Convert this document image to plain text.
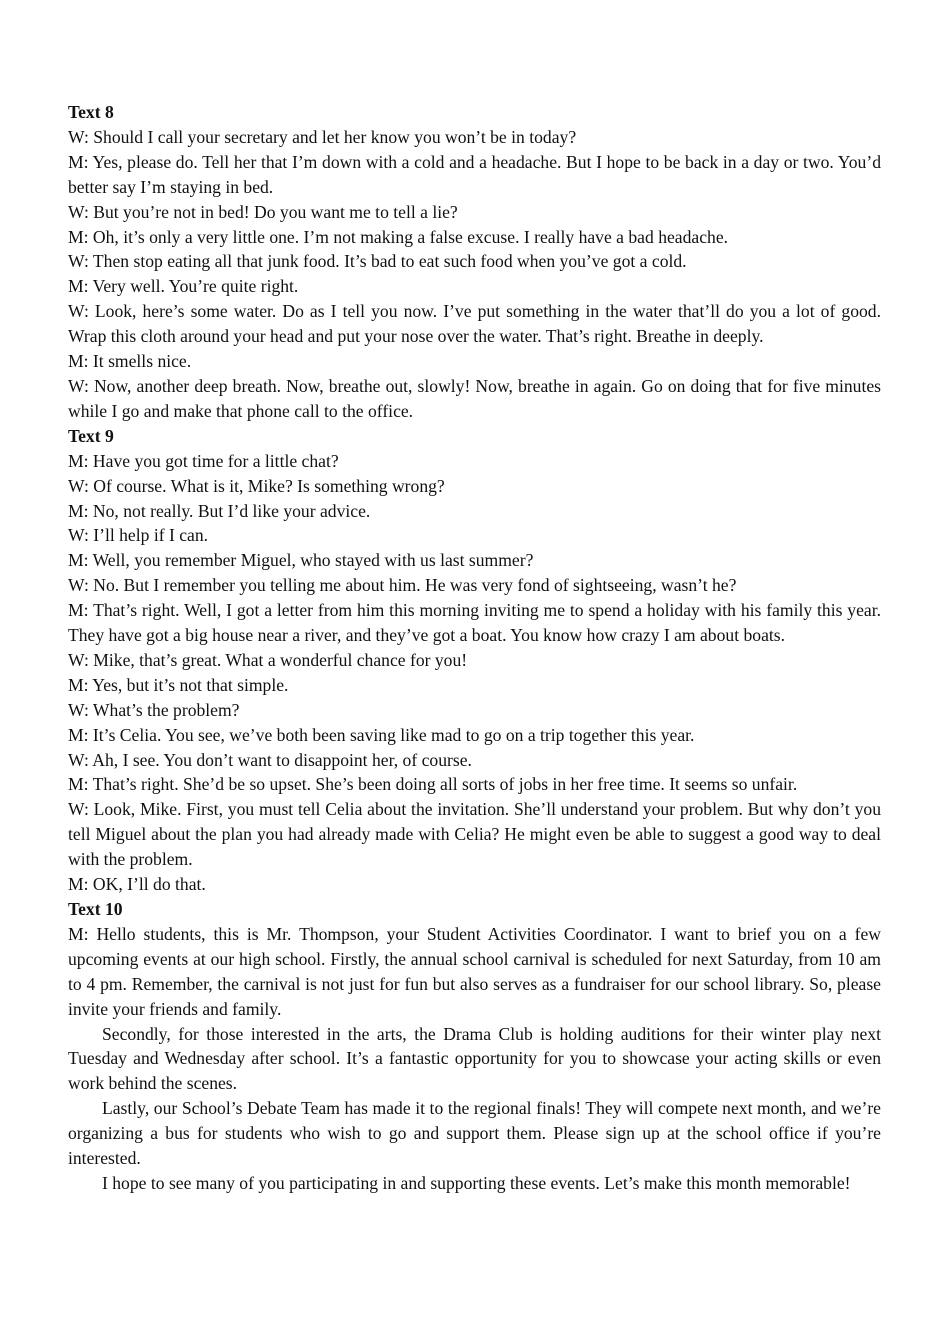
Text 8

W: Should I call your secretary and let her know you won’t be in today?

M: Yes, please do. Tell her that I’m down with a cold and a headache. But I hope to be back in a day or two. You’d better say I’m staying in bed.

W: But you’re not in bed! Do you want me to tell a lie?

M: Oh, it’s only a very little one. I’m not making a false excuse. I really have a bad headache.

W: Then stop eating all that junk food. It’s bad to eat such food when you’ve got a cold.

M: Very well. You’re quite right.

W: Look, here’s some water. Do as I tell you now. I’ve put something in the water that’ll do you a lot of good. Wrap this cloth around your head and put your nose over the water. That’s right. Breathe in deeply.

M: It smells nice.

W: Now, another deep breath. Now, breathe out, slowly! Now, breathe in again. Go on doing that for five minutes while I go and make that phone call to the office.

Text 9

M: Have you got time for a little chat?

W: Of course. What is it, Mike? Is something wrong?

M: No, not really. But I’d like your advice.

W: I’ll help if I can.

M: Well, you remember Miguel, who stayed with us last summer?

W: No. But I remember you telling me about him. He was very fond of sightseeing, wasn’t he?

M: That’s right. Well, I got a letter from him this morning inviting me to spend a holiday with his family this year. They have got a big house near a river, and they’ve got a boat. You know how crazy I am about boats.

W: Mike, that’s great. What a wonderful chance for you!

M: Yes, but it’s not that simple.

W: What’s the problem?

M: It’s Celia. You see, we’ve both been saving like mad to go on a trip together this year.

W: Ah, I see. You don’t want to disappoint her, of course.

M: That’s right. She’d be so upset. She’s been doing all sorts of jobs in her free time. It seems so unfair.

W: Look, Mike. First, you must tell Celia about the invitation. She’ll understand your problem. But why don’t you tell Miguel about the plan you had already made with Celia? He might even be able to suggest a good way to deal with the problem.

M: OK, I’ll do that.

Text 10

M: Hello students, this is Mr. Thompson, your Student Activities Coordinator. I want to brief you on a few upcoming events at our high school. Firstly, the annual school carnival is scheduled for next Saturday, from 10 am to 4 pm. Remember, the carnival is not just for fun but also serves as a fundraiser for our school library. So, please invite your friends and family.

Secondly, for those interested in the arts, the Drama Club is holding auditions for their winter play next Tuesday and Wednesday after school. It’s a fantastic opportunity for you to showcase your acting skills or even work behind the scenes.

Lastly, our School’s Debate Team has made it to the regional finals! They will compete next month, and we’re organizing a bus for students who wish to go and support them. Please sign up at the school office if you’re interested.

I hope to see many of you participating in and supporting these events. Let’s make this month memorable!
